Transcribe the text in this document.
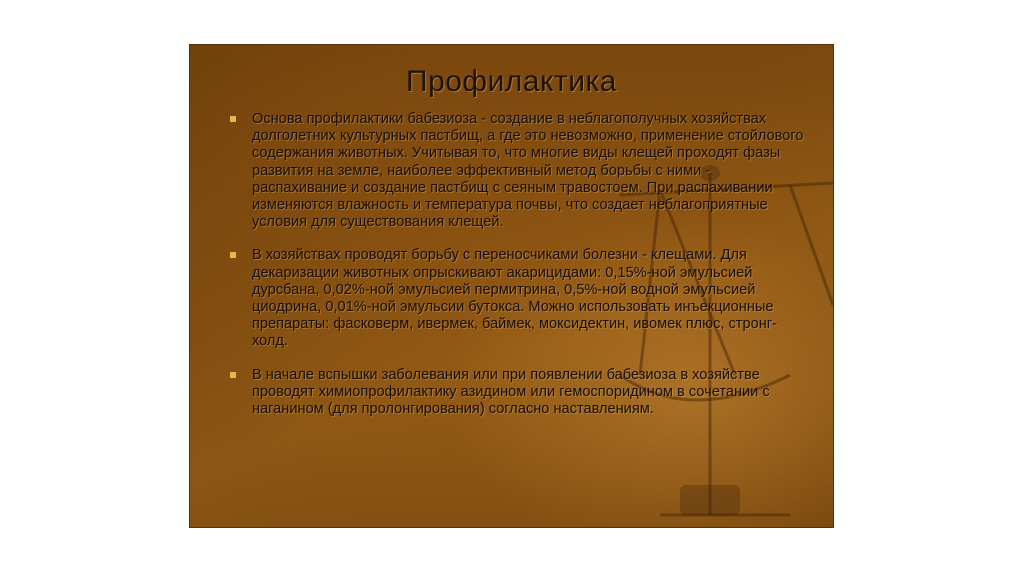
Профилактика
Основа профилактики бабезиоза - создание в неблагополучных хозяйствах долголетних культурных пастбищ, а где это невозможно, применение стойлового содержания животных. Учитывая то, что многие виды клещей проходят фазы развития на земле, наиболее эффективный метод борьбы с ними - распахивание и создание пастбищ с сеяным травостоем. При распахивании изменяются влажность и температура почвы, что создает неблагоприятные условия для существования клещей.
В хозяйствах проводят борьбу с переносчиками болезни - клещами. Для декаризации животных опрыскивают акарицидами: 0,15%-ной эмульсией дурсбана, 0,02%-ной эмульсией пермитрина, 0,5%-ной водной эмульсией циодрина, 0,01%-ной эмульсии бутокса. Можно использовать инъекционные препараты: фасковерм, ивермек, баймек, моксидектин, ивомек плюс, стронг-холд.
В начале вспышки заболевания или при появлении бабезиоза в хозяйстве проводят химиопрофилактику азидином или гемоспоридином в сочетании с наганином (для пролонгирования) согласно наставлениям.
